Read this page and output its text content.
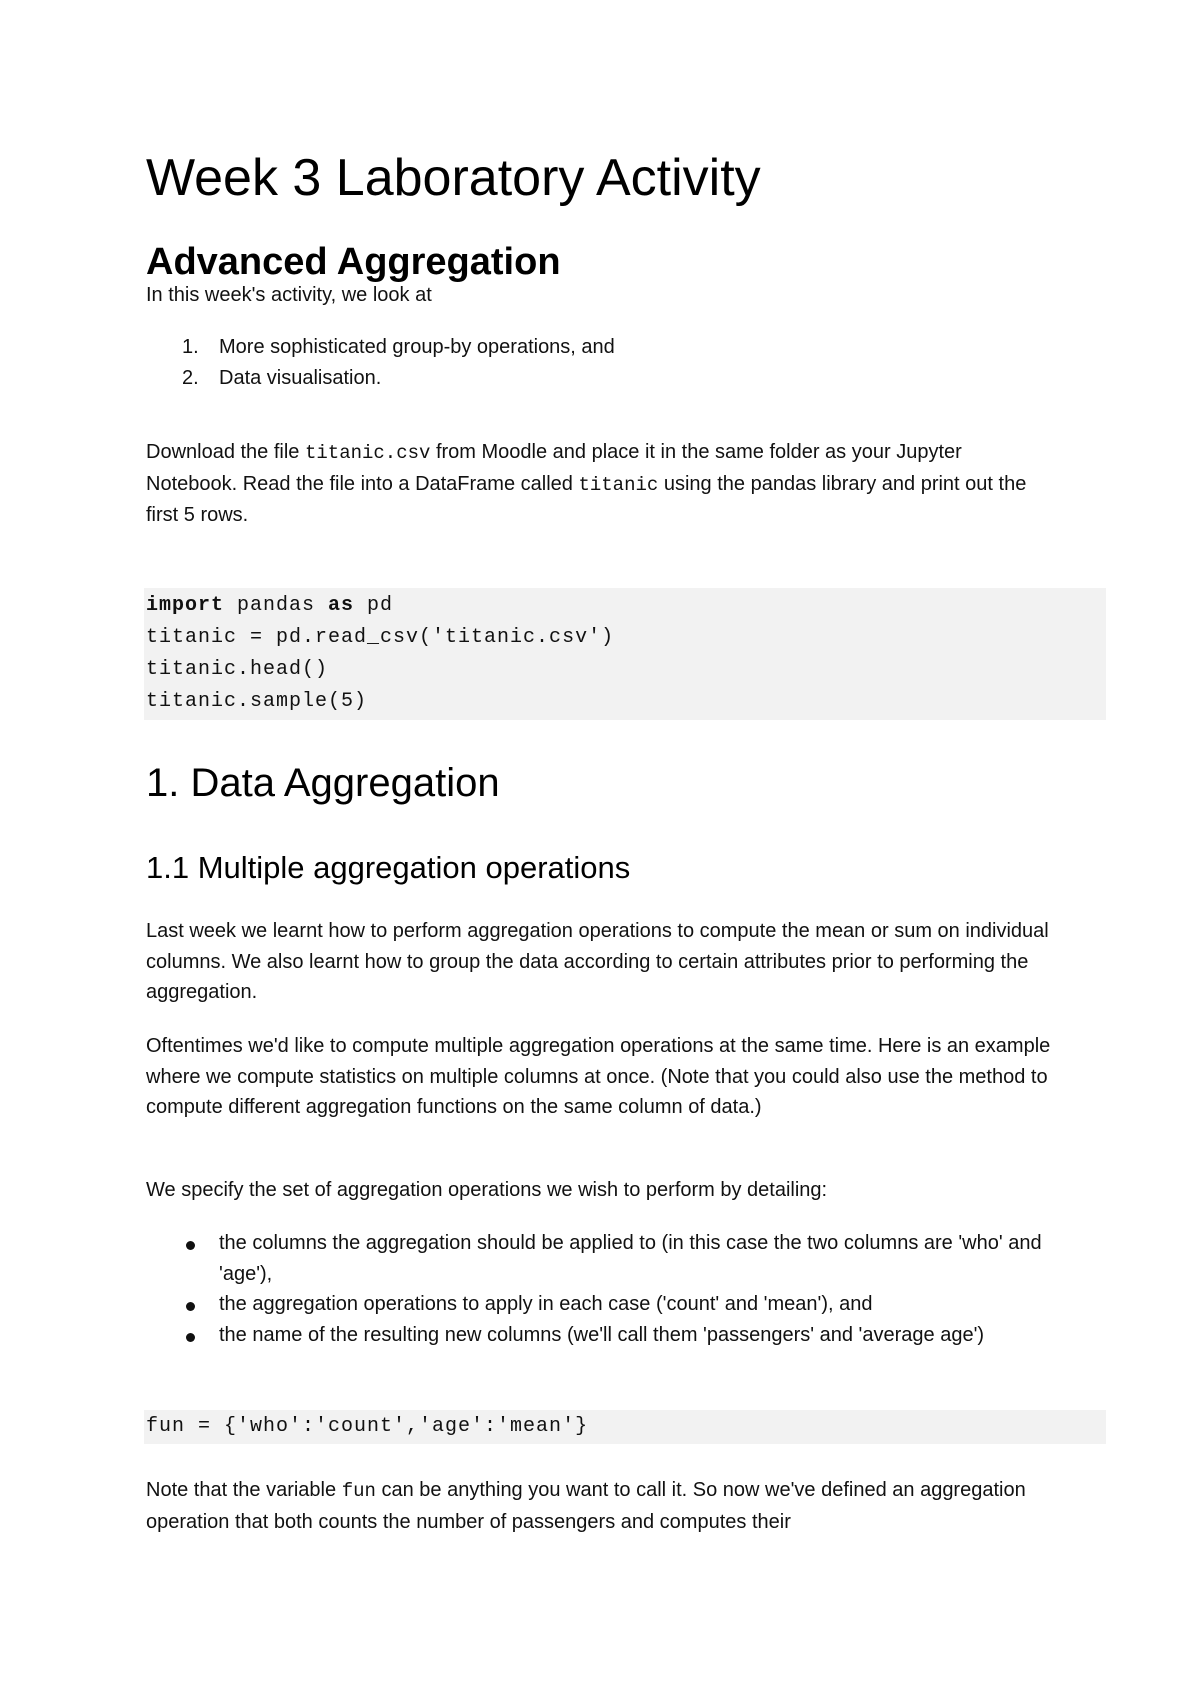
Week 3 Laboratory Activity
Advanced Aggregation

In this week's activity, we look at

1. More sophisticated group-by operations, and
2. Data visualisation.

Download the file titanic.csv from Moodle and place it in the same folder as your Jupyter Notebook. Read the file into a DataFrame called titanic using the pandas library and print out the first 5 rows.

import pandas as pd
titanic = pd.read_csv('titanic.csv')
titanic.head()
titanic.sample(5)
1. Data Aggregation
1.1 Multiple aggregation operations

Last week we learnt how to perform aggregation operations to compute the mean or sum on individual columns. We also learnt how to group the data according to certain attributes prior to performing the aggregation.

Oftentimes we'd like to compute multiple aggregation operations at the same time. Here is an example where we compute statistics on multiple columns at once. (Note that you could also use the method to compute different aggregation functions on the same column of data.)

We specify the set of aggregation operations we wish to perform by detailing:

the columns the aggregation should be applied to (in this case the two columns are 'who' and 'age'),
the aggregation operations to apply in each case ('count' and 'mean'), and
the name of the resulting new columns (we'll call them 'passengers' and 'average age')
fun = {'who':'count','age':'mean'}

Note that the variable fun can be anything you want to call it. So now we've defined an aggregation operation that both counts the number of passengers and computes their
